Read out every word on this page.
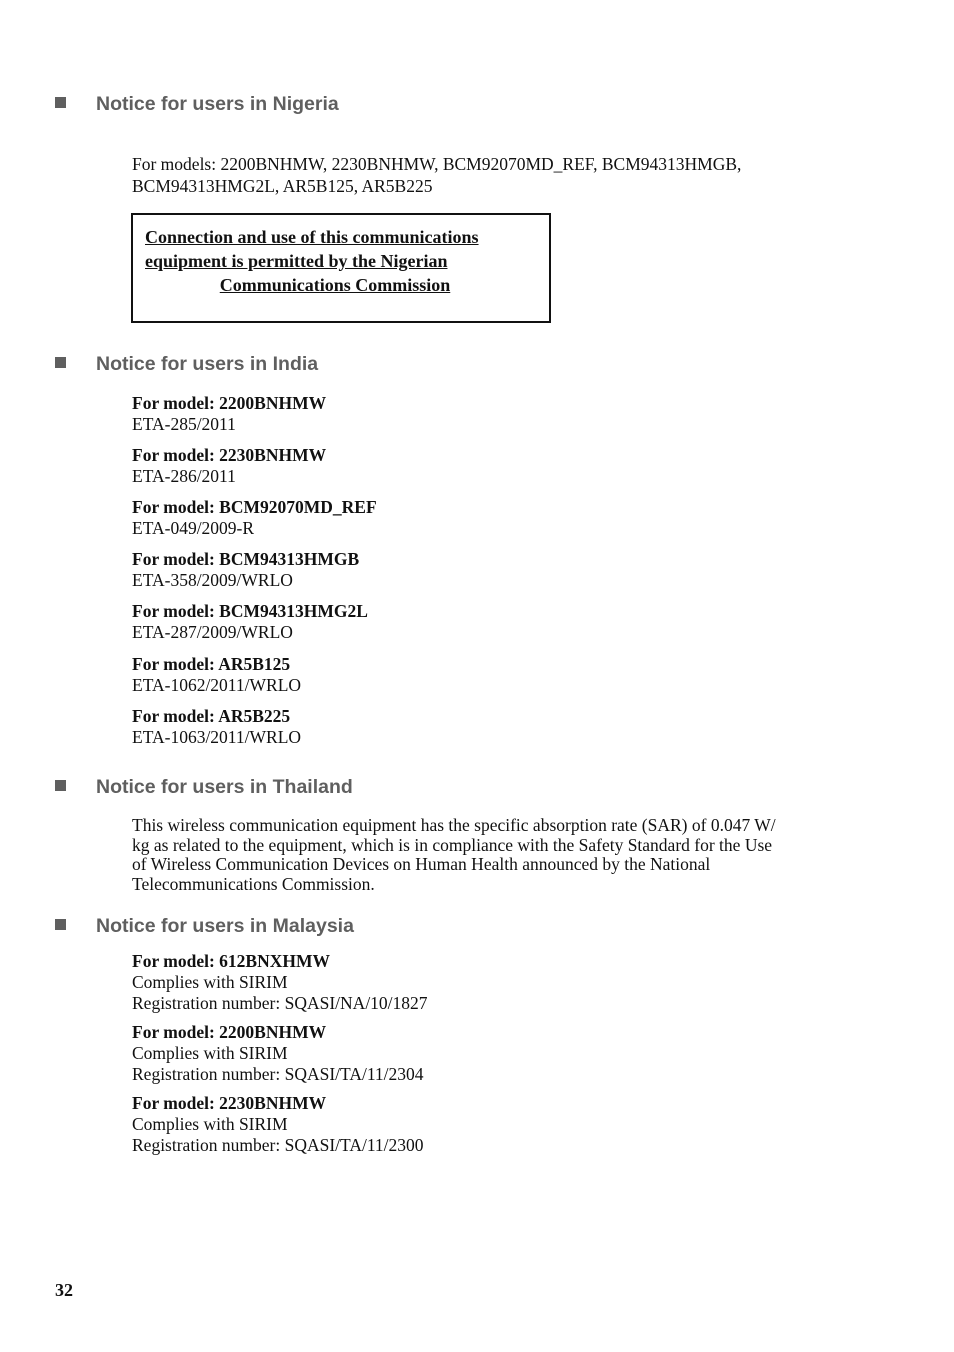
Notice for users in Nigeria
For models: 2200BNHMW, 2230BNHMW, BCM92070MD_REF, BCM94313HMGB,
BCM94313HMG2L, AR5B125, AR5B225
Connection and use of this communications
equipment is permitted by the Nigerian
Communications Commission
Notice for users in India
For model: 2200BNHMW
ETA-285/2011
For model: 2230BNHMW
ETA-286/2011
For model: BCM92070MD_REF
ETA-049/2009-R
For model: BCM94313HMGB
ETA-358/2009/WRLO
For model: BCM94313HMG2L
ETA-287/2009/WRLO
For model: AR5B125
ETA-1062/2011/WRLO
For model: AR5B225
ETA-1063/2011/WRLO
Notice for users in Thailand
This wireless communication equipment has the specific absorption rate (SAR) of 0.047 W/
kg as related to the equipment, which is in compliance with the Safety Standard for the Use
of Wireless Communication Devices on Human Health announced by the National
Telecommunications Commission.
Notice for users in Malaysia
For model: 612BNXHMW
Complies with SIRIM
Registration number: SQASI/NA/10/1827
For model: 2200BNHMW
Complies with SIRIM
Registration number: SQASI/TA/11/2304
For model: 2230BNHMW
Complies with SIRIM
Registration number: SQASI/TA/11/2300
32
